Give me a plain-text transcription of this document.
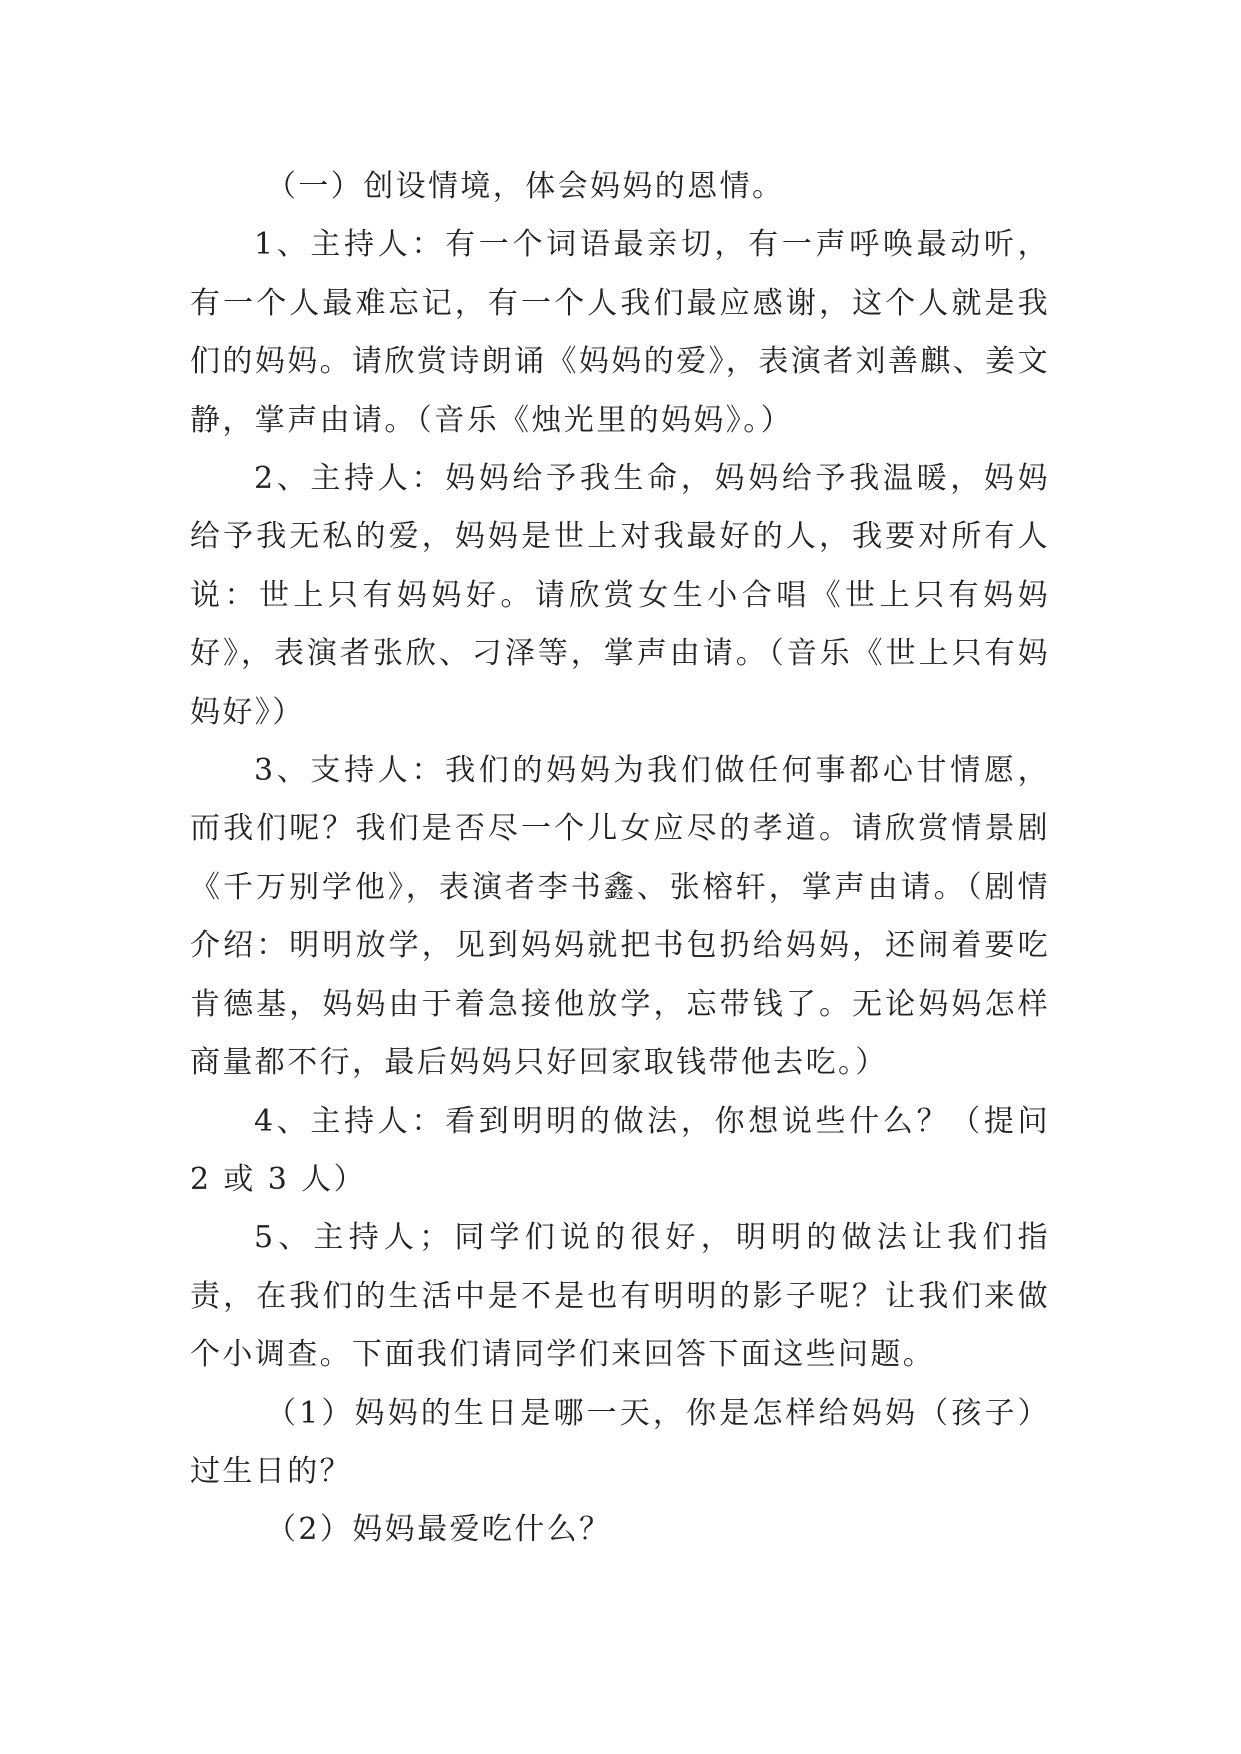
（一）创设情境，体会妈妈的恩情。

1、主持人：有一个词语最亲切，有一声呼唤最动听，有一个人最难忘记，有一个人我们最应感谢，这个人就是我们的妈妈。请欣赏诗朗诵《妈妈的爱》，表演者刘善麒、姜文静，掌声由请。（音乐《烛光里的妈妈》。）

2、主持人：妈妈给予我生命，妈妈给予我温暖，妈妈给予我无私的爱，妈妈是世上对我最好的人，我要对所有人说：世上只有妈妈好。请欣赏女生小合唱《世上只有妈妈好》，表演者张欣、刁泽等，掌声由请。（音乐《世上只有妈妈好》）

3、支持人：我们的妈妈为我们做任何事都心甘情愿，而我们呢？我们是否尽一个儿女应尽的孝道。请欣赏情景剧《千万别学他》，表演者李书鑫、张榕轩，掌声由请。（剧情介绍：明明放学，见到妈妈就把书包扔给妈妈，还闹着要吃肯德基，妈妈由于着急接他放学，忘带钱了。无论妈妈怎样商量都不行，最后妈妈只好回家取钱带他去吃。）

4、主持人：看到明明的做法，你想说些什么？（提问 2 或 3 人）

5、主持人；同学们说的很好，明明的做法让我们指责，在我们的生活中是不是也有明明的影子呢？让我们来做个小调查。下面我们请同学们来回答下面这些问题。

（1）妈妈的生日是哪一天，你是怎样给妈妈（孩子）过生日的？

（2）妈妈最爱吃什么？
